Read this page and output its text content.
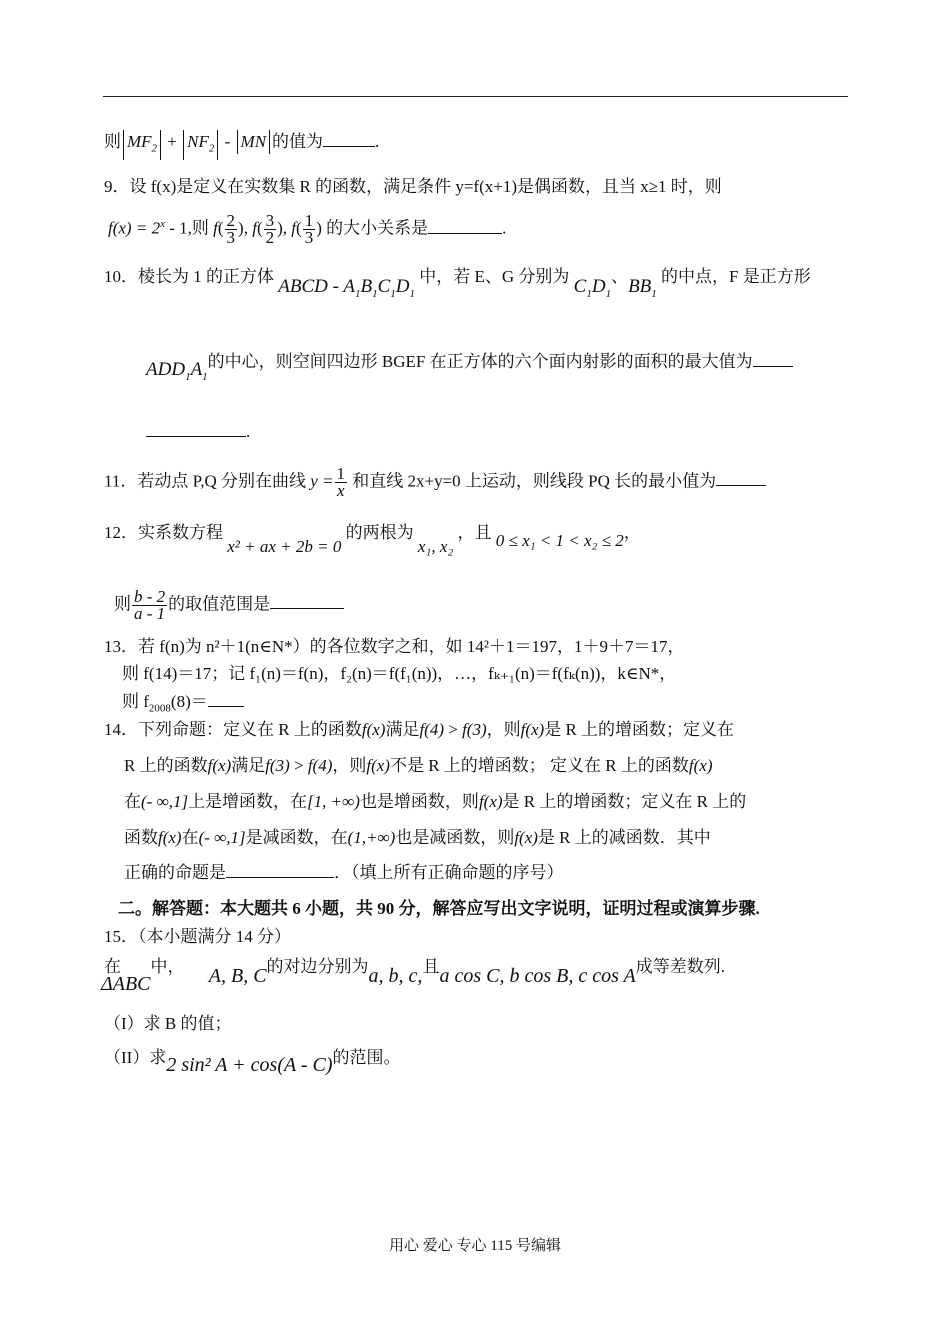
则 $MF_2 + NF_2$ - MN 的值为	.
9．设 f(x)是定义在实数集 R 的函数，满足条件 y=f(x+1)是偶函数，且当 x≥1 时，则
$f(x) = 2^x - 1$,则 $f( \frac{2}{3}$ ), $f( \frac{3}{2}$ ), $f( \frac{1}{3}$ ) 的大小关系是	.
10．棱长为 1 的正方体 ABCD - $A_1B_1C_1D_1$ 中，若 E、G 分别为 $C_1D_1$、$BB_1$ 的中点，F 是正方形
$ADD_1A_1$的中心，则空间四边形 BGEF 在正方体的六个面内射影的面积的最大值为
.
11．若动点 P,Q 分别在曲线 $y = \frac{1}{x}$ 和直线 2x+y=0 上运动，则线段 PQ 长的最小值为
12．实系数方程 x² + ax + 2b = 0 的两根为 x₁, x₂ ，且 0 ≤ x₁ < 1 < x₂ ≤ 2，
则 $\frac{b - 2}{a - 1}$ 的取值范围是
13．若 f(n)为 n²＋1(n∈N*）的各位数字之和，如 14²＋1＝197，1＋9＋7＝17，
则 f(14)＝17；记 f₁(n)＝f(n)，f₂(n)＝f(f₁(n))，…，fₖ₊₁(n)＝f(fₖ(n))，k∈N*，
则 $f_{2008}(8)=$
14．下列命题：定义在 R 上的函数f(x)满足f(4) > f(3)，则f(x)是 R 上的增函数；定义在
R 上的函数f(x)满足f(3) > f(4)，则f(x)不是 R 上的增函数； 定义在 R 上的函数f(x)
在(- ∞,1]上是增函数，在[1, +∞)也是增函数，则f(x)是 R 上的增函数；定义在 R 上的
函数f(x)在(- ∞,1]是减函数，在(1,+∞)也是减函数，则f(x)是 R 上的减函数．其中
正确的命题是	．（填上所有正确命题的序号）
二。解答题：本大题共 6 小题，共 90 分，解答应写出文字说明，证明过程或演算步骤.
15．（本小题满分 14 分）
在ΔABC中， A, B, C的对边分别为a, b, c,且a cos C, b cos B, c cos A成等差数列.
（I）求 B 的值；
（II）求2 sin² A + cos(A - C)的范围。
用心 爱心 专心 115 号编辑
